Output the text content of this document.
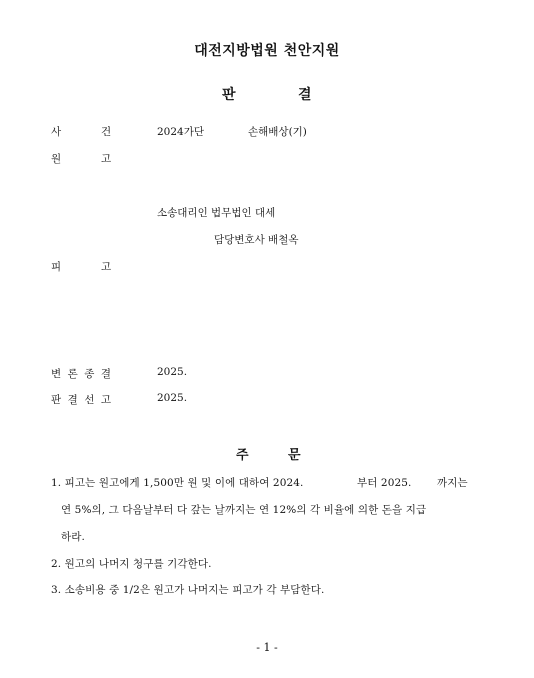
대전지방법원 천안지원
판	결
사	건	2024가단	손해배상(기)
원	고
소송대리인 법무법인 대세
담당변호사 배철옥
피	고
변 론 종 결	2025.
판 결 선 고	2025.
주	문
1. 피고는 원고에게 1,500만 원 및 이에 대하여 2024.	부터 2025. 까지는
연 5%의, 그 다음날부터 다 갚는 날까지는 연 12%의 각 비율에 의한 돈을 지급
하라.
2. 원고의 나머지 청구를 기각한다.
3. 소송비용 중 1/2은 원고가 나머지는 피고가 각 부담한다.
- 1 -
